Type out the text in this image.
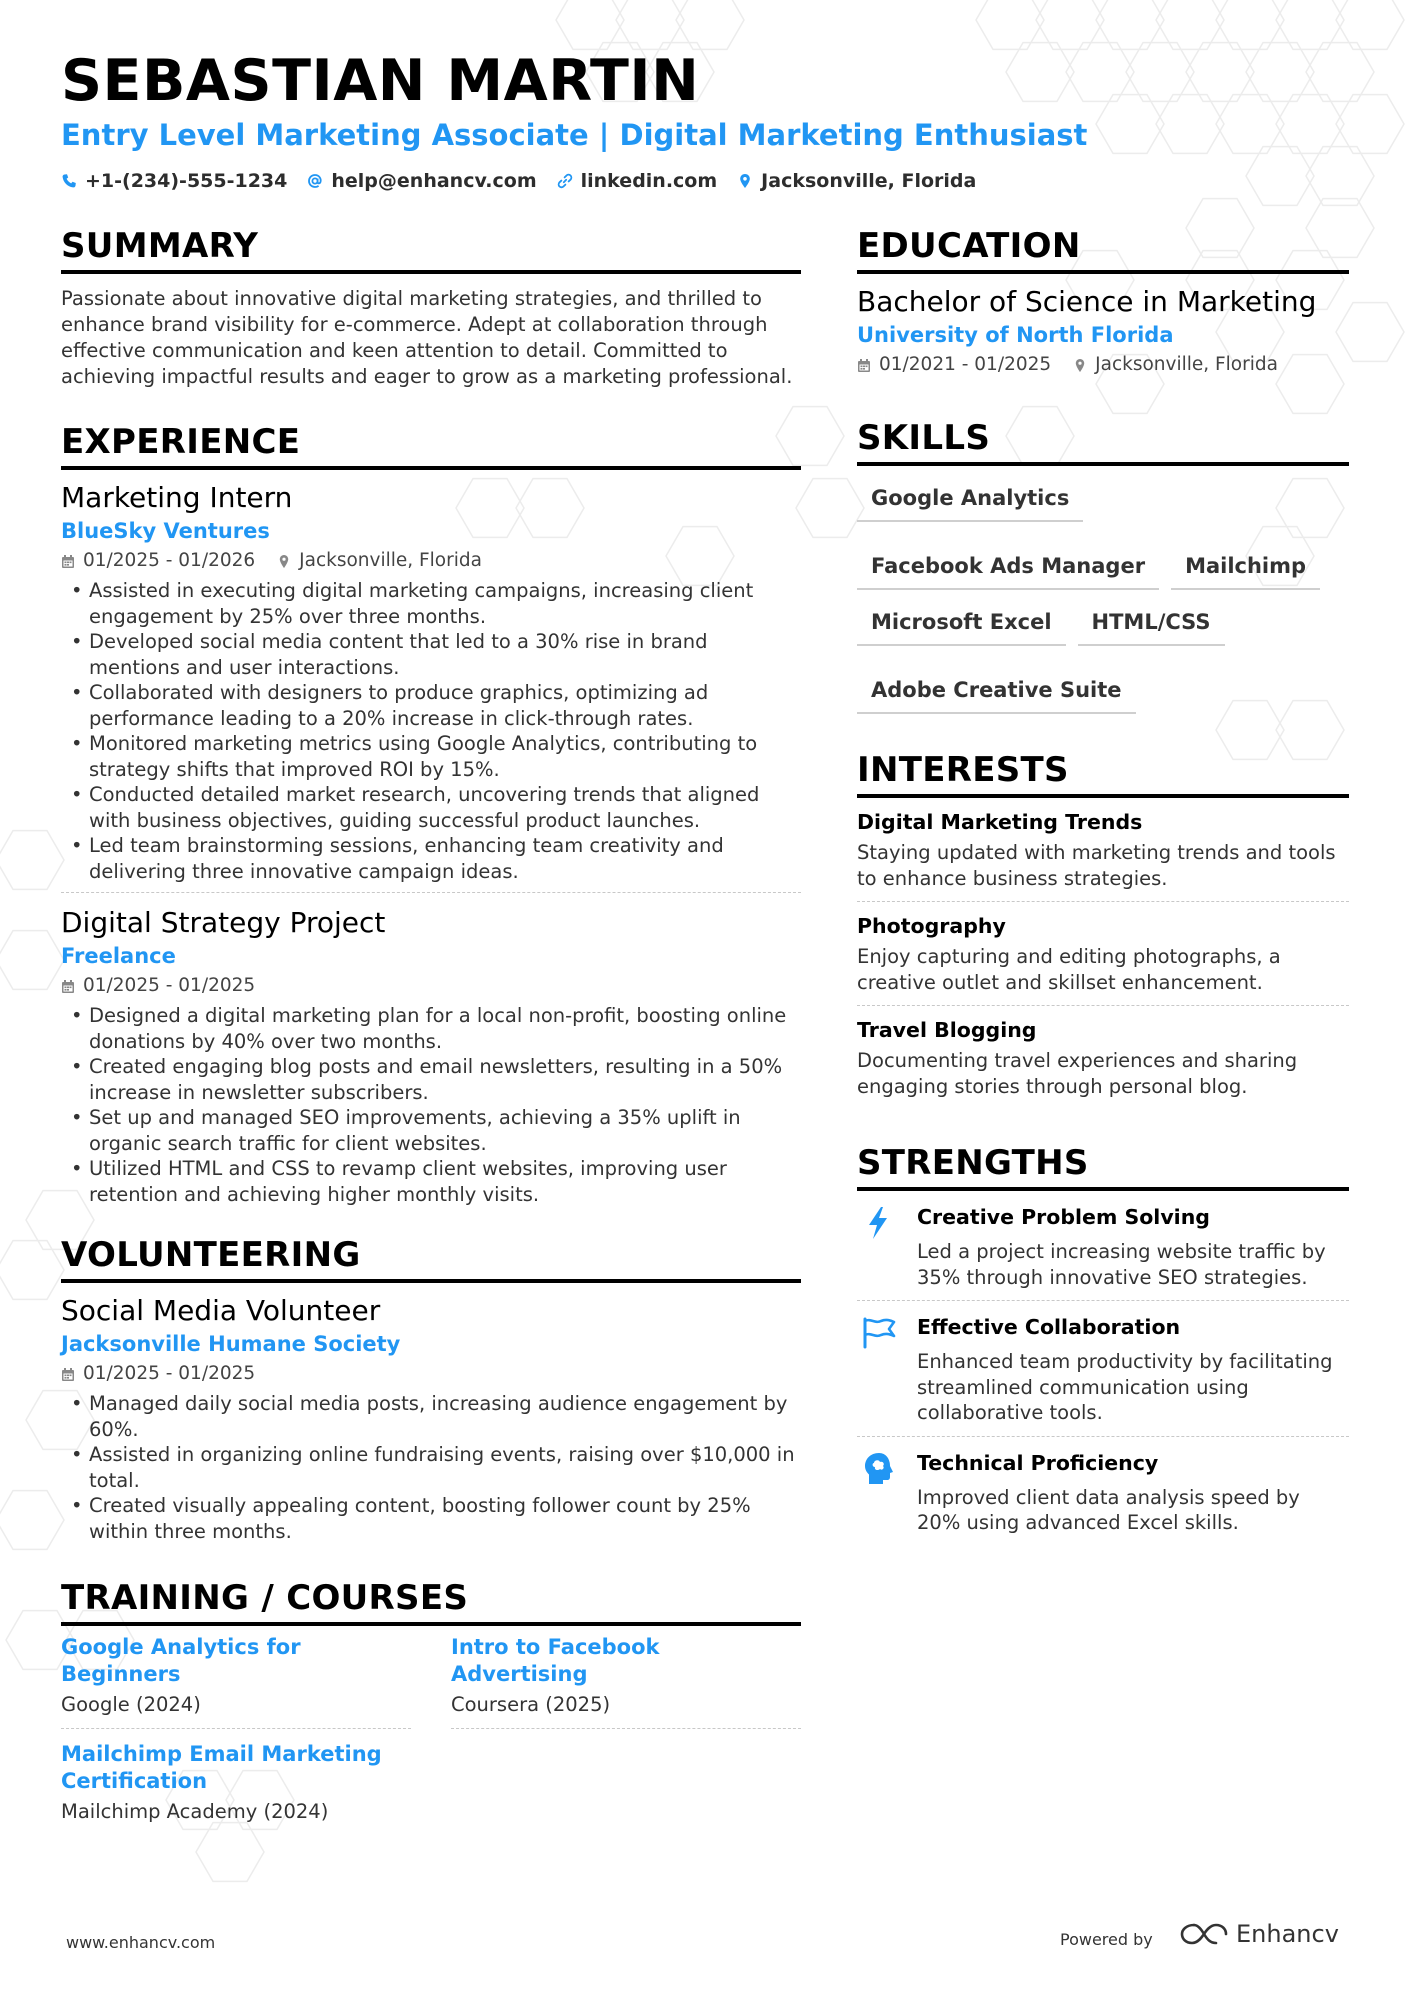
SEBASTIAN MARTIN
Entry Level Marketing Associate | Digital Marketing Enthusiast
+1-(234)-555-1234 help@enhancv.com linkedin.com Jacksonville, Florida
SUMMARY
Passionate about innovative digital marketing strategies, and thrilled to enhance brand visibility for e-commerce. Adept at collaboration through effective communication and keen attention to detail. Committed to achieving impactful results and eager to grow as a marketing professional.
EXPERIENCE
Marketing Intern
BlueSky Ventures
01/2025 - 01/2026 Jacksonville, Florida
• Assisted in executing digital marketing campaigns, increasing client engagement by 25% over three months.
• Developed social media content that led to a 30% rise in brand mentions and user interactions.
• Collaborated with designers to produce graphics, optimizing ad performance leading to a 20% increase in click-through rates.
• Monitored marketing metrics using Google Analytics, contributing to strategy shifts that improved ROI by 15%.
• Conducted detailed market research, uncovering trends that aligned with business objectives, guiding successful product launches.
• Led team brainstorming sessions, enhancing team creativity and delivering three innovative campaign ideas.
Digital Strategy Project
Freelance
01/2025 - 01/2025
• Designed a digital marketing plan for a local non-profit, boosting online donations by 40% over two months.
• Created engaging blog posts and email newsletters, resulting in a 50% increase in newsletter subscribers.
• Set up and managed SEO improvements, achieving a 35% uplift in organic search traffic for client websites.
• Utilized HTML and CSS to revamp client websites, improving user retention and achieving higher monthly visits.
VOLUNTEERING
Social Media Volunteer
Jacksonville Humane Society
01/2025 - 01/2025
• Managed daily social media posts, increasing audience engagement by 60%.
• Assisted in organizing online fundraising events, raising over $10,000 in total.
• Created visually appealing content, boosting follower count by 25% within three months.
TRAINING / COURSES
Google Analytics for Beginners
Google (2024)
Intro to Facebook Advertising
Coursera (2025)
Mailchimp Email Marketing Certification
Mailchimp Academy (2024)
EDUCATION
Bachelor of Science in Marketing
University of North Florida
01/2021 - 01/2025 Jacksonville, Florida
SKILLS
Google Analytics
Facebook Ads Manager	Mailchimp
Microsoft Excel	HTML/CSS
Adobe Creative Suite
INTERESTS
Digital Marketing Trends
Staying updated with marketing trends and tools to enhance business strategies.
Photography
Enjoy capturing and editing photographs, a creative outlet and skillset enhancement.
Travel Blogging
Documenting travel experiences and sharing engaging stories through personal blog.
STRENGTHS
Creative Problem Solving
Led a project increasing website traffic by 35% through innovative SEO strategies.
Effective Collaboration
Enhanced team productivity by facilitating streamlined communication using collaborative tools.
Technical Proficiency
Improved client data analysis speed by 20% using advanced Excel skills.
www.enhancv.com	Powered by	Enhancv
